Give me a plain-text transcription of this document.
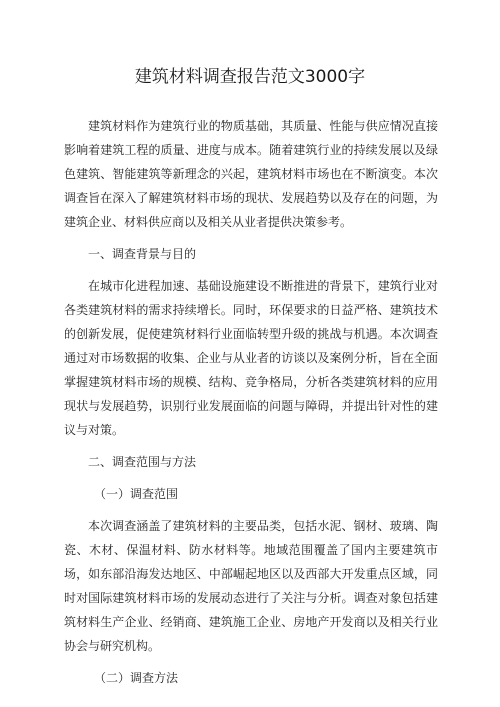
建筑材料调查报告范文3000字

建筑材料作为建筑行业的物质基础，其质量、性能与供应情况直接影响着建筑工程的质量、进度与成本。随着建筑行业的持续发展以及绿色建筑、智能建筑等新理念的兴起，建筑材料市场也在不断演变。本次调查旨在深入了解建筑材料市场的现状、发展趋势以及存在的问题，为建筑企业、材料供应商以及相关从业者提供决策参考。

一、调查背景与目的

在城市化进程加速、基础设施建设不断推进的背景下，建筑行业对各类建筑材料的需求持续增长。同时，环保要求的日益严格、建筑技术的创新发展，促使建筑材料行业面临转型升级的挑战与机遇。本次调查通过对市场数据的收集、企业与从业者的访谈以及案例分析，旨在全面掌握建筑材料市场的规模、结构、竞争格局，分析各类建筑材料的应用现状与发展趋势，识别行业发展面临的问题与障碍，并提出针对性的建议与对策。

二、调查范围与方法

（一）调查范围

本次调查涵盖了建筑材料的主要品类，包括水泥、钢材、玻璃、陶瓷、木材、保温材料、防水材料等。地域范围覆盖了国内主要建筑市场，如东部沿海发达地区、中部崛起地区以及西部大开发重点区域，同时对国际建筑材料市场的发展动态进行了关注与分析。调查对象包括建筑材料生产企业、经销商、建筑施工企业、房地产开发商以及相关行业协会与研究机构。

（二）调查方法
